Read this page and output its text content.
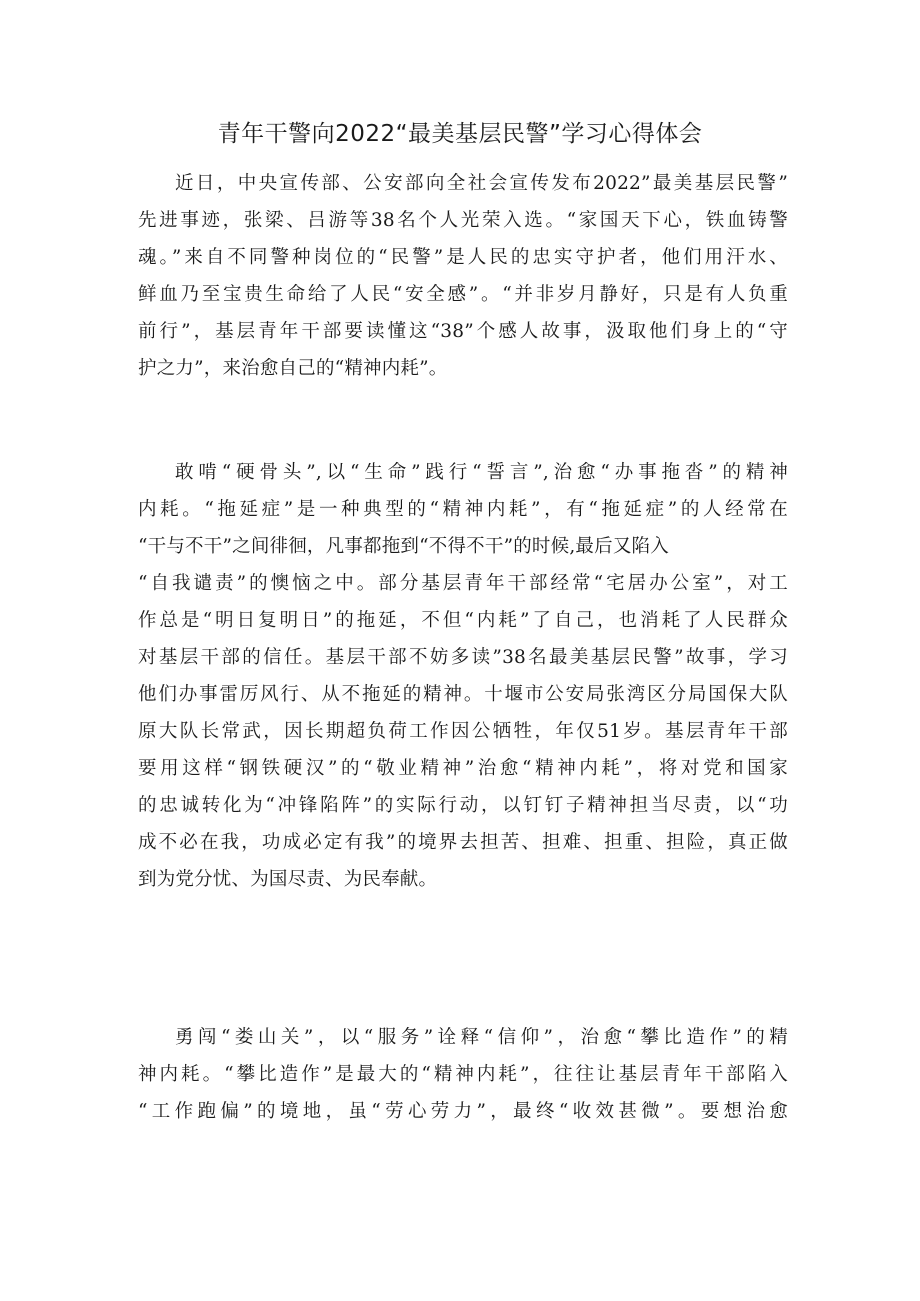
青年干警向2022“最美基层民警”学习心得体会
近日，中央宣传部、公安部向全社会宣传发布2022”最美基层民警”
先进事迹，张梁、吕游等38名个人光荣入选。“家国天下心，铁血铸警
魂。”来自不同警种岗位的“民警”是人民的忠实守护者，他们用汗水、
鲜血乃至宝贵生命给了人民“安全感”。“并非岁月静好，只是有人负重
前行”，基层青年干部要读懂这“38”个感人故事，汲取他们身上的“守
护之力”，来治愈自己的“精神内耗”。
敢啃“硬骨头”,以“生命”践行“誓言”,治愈“办事拖沓”的精神
内耗。“拖延症”是一种典型的“精神内耗”，有“拖延症”的人经常在
“干与不干”之间徘徊，凡事都拖到“不得不干”的时候,最后又陷入
“自我谴责”的懊恼之中。部分基层青年干部经常“宅居办公室”，对工
作总是“明日复明日”的拖延，不但“内耗”了自己，也消耗了人民群众
对基层干部的信任。基层干部不妨多读”38名最美基层民警”故事，学习
他们办事雷厉风行、从不拖延的精神。十堰市公安局张湾区分局国保大队
原大队长常武，因长期超负荷工作因公牺牲，年仅51岁。基层青年干部
要用这样“钢铁硬汉”的“敬业精神”治愈“精神内耗”，将对党和国家
的忠诚转化为“冲锋陷阵”的实际行动，以钉钉子精神担当尽责，以“功
成不必在我，功成必定有我”的境界去担苦、担难、担重、担险，真正做
到为党分忧、为国尽责、为民奉献。
勇闯“娄山关”，以“服务”诠释“信仰”，治愈“攀比造作”的精
神内耗。“攀比造作”是最大的“精神内耗”，往往让基层青年干部陷入
“工作跑偏”的境地，虽“劳心劳力”，最终“收效甚微”。要想治愈
